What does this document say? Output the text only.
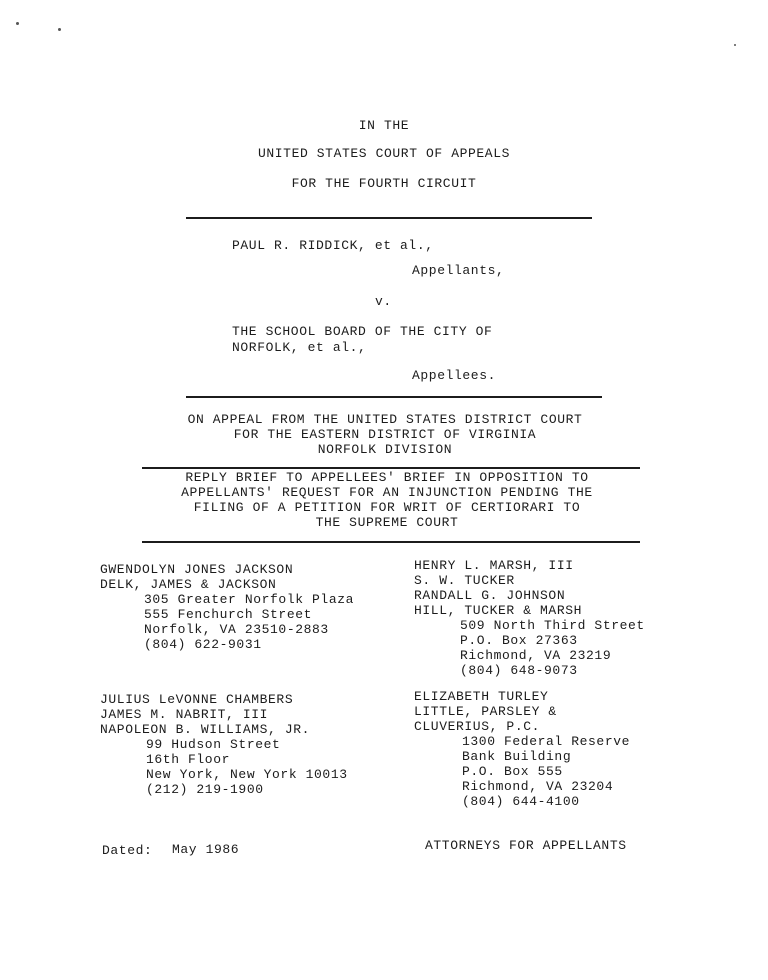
IN THE
UNITED STATES COURT OF APPEALS
FOR THE FOURTH CIRCUIT
PAUL R. RIDDICK, et al.,
Appellants,
v.
THE SCHOOL BOARD OF THE CITY OF
NORFOLK, et al.,
Appellees.
ON APPEAL FROM THE UNITED STATES DISTRICT COURT
FOR THE EASTERN DISTRICT OF VIRGINIA
NORFOLK DIVISION
REPLY BRIEF TO APPELLEES' BRIEF IN OPPOSITION TO
APPELLANTS' REQUEST FOR AN INJUNCTION PENDING THE
FILING OF A PETITION FOR WRIT OF CERTIORARI TO
THE SUPREME COURT
GWENDOLYN JONES JACKSON
DELK, JAMES & JACKSON
305 Greater Norfolk Plaza
555 Fenchurch Street
Norfolk, VA 23510-2883
(804) 622-9031
HENRY L. MARSH, III
S. W. TUCKER
RANDALL G. JOHNSON
HILL, TUCKER & MARSH
509 North Third Street
P.O. Box 27363
Richmond, VA 23219
(804) 648-9073
JULIUS LeVONNE CHAMBERS
JAMES M. NABRIT, III
NAPOLEON B. WILLIAMS, JR.
99 Hudson Street
16th Floor
New York, New York 10013
(212) 219-1900
ELIZABETH TURLEY
LITTLE, PARSLEY &
CLUVERIUS, P.C.
1300 Federal Reserve
Bank Building
P.O. Box 555
Richmond, VA 23204
(804) 644-4100
Dated: May 1986	ATTORNEYS FOR APPELLANTS
